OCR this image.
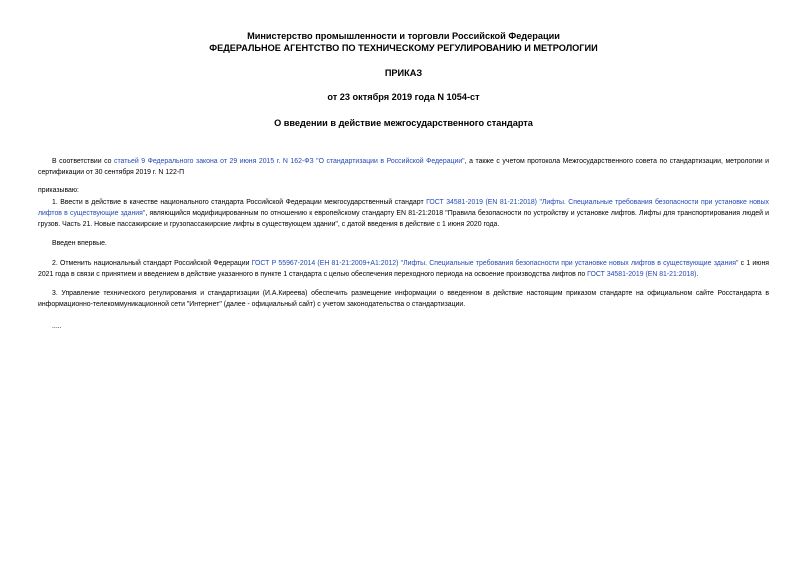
Министерство промышленности и торговли Российской Федерации
ФЕДЕРАЛЬНОЕ АГЕНТСТВО ПО ТЕХНИЧЕСКОМУ РЕГУЛИРОВАНИЮ И МЕТРОЛОГИИ
ПРИКАЗ
от 23 октября 2019 года N 1054-ст
О введении в действие межгосударственного стандарта
В соответствии со статьей 9 Федерального закона от 29 июня 2015 г. N 162-ФЗ "О стандартизации в Российской Федерации", а также с учетом протокола Межгосударственного совета по стандартизации, метрологии и сертификации от 30 сентября 2019 г. N 122-П
приказываю:
1. Ввести в действие в качестве национального стандарта Российской Федерации межгосударственный стандарт ГОСТ 34581-2019 (EN 81-21:2018) "Лифты. Специальные требования безопасности при установке новых лифтов в существующие здания", являющийся модифицированным по отношению к европейскому стандарту EN 81-21:2018 "Правила безопасности по устройству и установке лифтов. Лифты для транспортирования людей и грузов. Часть 21. Новые пассажирские и грузопассажирские лифты в существующем здании", с датой введения в действие с 1 июня 2020 года.
Введен впервые.
2. Отменить национальный стандарт Российской Федерации ГОСТ Р 55967-2014 (ЕН 81-21:2009+A1:2012) "Лифты. Специальные требования безопасности при установке новых лифтов в существующие здания" с 1 июня 2021 года в связи с принятием и введением в действие указанного в пункте 1 стандарта с целью обеспечения переходного периода на освоение производства лифтов по ГОСТ 34581-2019 (EN 81-21:2018).
3. Управление технического регулирования и стандартизации (И.А.Киреева) обеспечить размещение информации о введенном в действие настоящим приказом стандарте на официальном сайте Росстандарта в информационно-телекоммуникационной сети "Интернет" (далее - официальный сайт) с учетом законодательства о стандартизации.
.....
